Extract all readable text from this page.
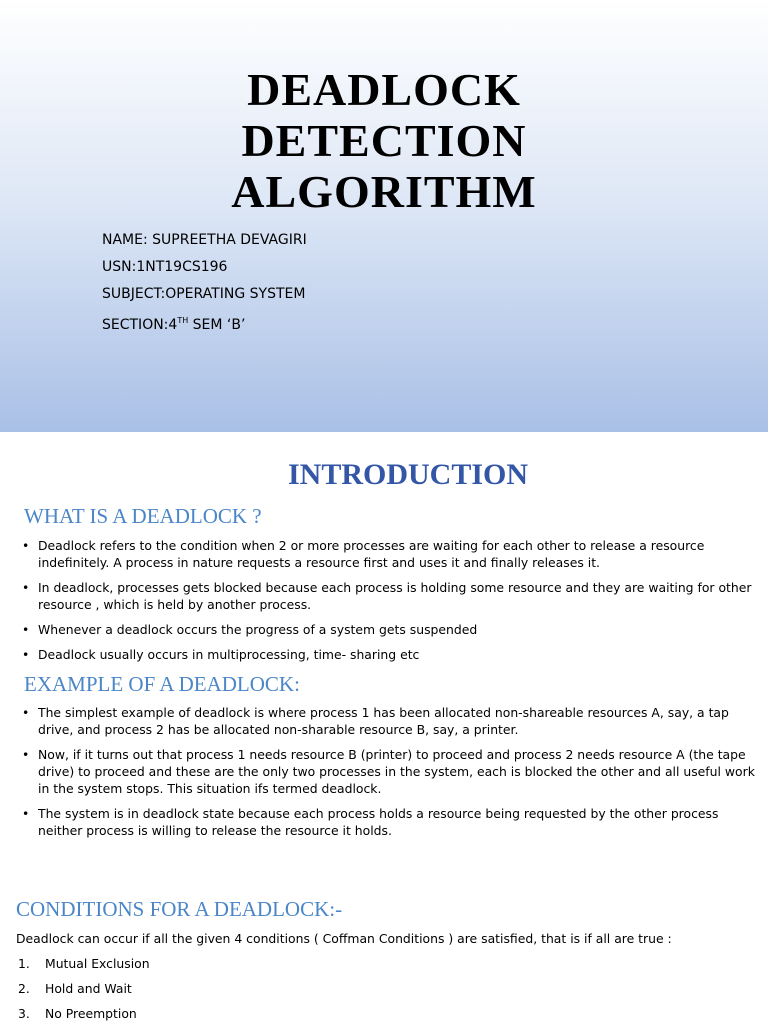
DEADLOCK
DETECTION
ALGORITHM
NAME: SUPREETHA DEVAGIRI
USN:1NT19CS196
SUBJECT:OPERATING SYSTEM
SECTION:4TH SEM ‘B’
INTRODUCTION
WHAT IS A DEADLOCK ?
• Deadlock refers to the condition when 2 or more processes are waiting for each other to release a resource indefinitely. A process in nature requests a resource first and uses it and finally releases it.
• In deadlock, processes gets blocked because each process is holding some resource and they are waiting for other resource , which is held by another process.
• Whenever a deadlock occurs the progress of a system gets suspended
• Deadlock usually occurs in multiprocessing, time- sharing etc
EXAMPLE OF A DEADLOCK:
• The simplest example of deadlock is where process 1 has been allocated non-shareable resources A, say, a tap drive, and process 2 has be allocated non-sharable resource B, say, a printer.
• Now, if it turns out that process 1 needs resource B (printer) to proceed and process 2 needs resource A (the tape drive) to proceed and these are the only two processes in the system, each is blocked the other and all useful work in the system stops. This situation ifs termed deadlock.
• The system is in deadlock state because each process holds a resource being requested by the other process neither process is willing to release the resource it holds.
CONDITIONS FOR A DEADLOCK:-
Deadlock can occur if all the given 4 conditions ( Coffman Conditions ) are satisfied, that is if all are true :
1. Mutual Exclusion
2. Hold and Wait
3. No Preemption
